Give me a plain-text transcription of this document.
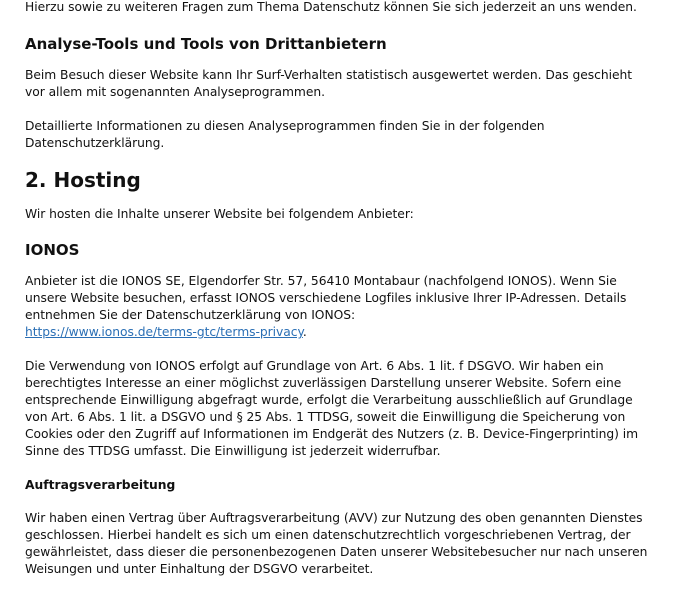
Hierzu sowie zu weiteren Fragen zum Thema Datenschutz können Sie sich jederzeit an uns wenden.

Analyse-Tools und Tools von Drittanbietern

Beim Besuch dieser Website kann Ihr Surf-Verhalten statistisch ausgewertet werden. Das geschieht vor allem mit sogenannten Analyseprogrammen.

Detaillierte Informationen zu diesen Analyseprogrammen finden Sie in der folgenden Datenschutzerklärung.

2. Hosting

Wir hosten die Inhalte unserer Website bei folgendem Anbieter:

IONOS

Anbieter ist die IONOS SE, Elgendorfer Str. 57, 56410 Montabaur (nachfolgend IONOS). Wenn Sie unsere Website besuchen, erfasst IONOS verschiedene Logfiles inklusive Ihrer IP-Adressen. Details entnehmen Sie der Datenschutzerklärung von IONOS:
https://www.ionos.de/terms-gtc/terms-privacy.

Die Verwendung von IONOS erfolgt auf Grundlage von Art. 6 Abs. 1 lit. f DSGVO. Wir haben ein berechtigtes Interesse an einer möglichst zuverlässigen Darstellung unserer Website. Sofern eine entsprechende Einwilligung abgefragt wurde, erfolgt die Verarbeitung ausschließlich auf Grundlage von Art. 6 Abs. 1 lit. a DSGVO und § 25 Abs. 1 TTDSG, soweit die Einwilligung die Speicherung von Cookies oder den Zugriff auf Informationen im Endgerät des Nutzers (z. B. Device-Fingerprinting) im Sinne des TTDSG umfasst. Die Einwilligung ist jederzeit widerrufbar.

Auftragsverarbeitung

Wir haben einen Vertrag über Auftragsverarbeitung (AVV) zur Nutzung des oben genannten Dienstes geschlossen. Hierbei handelt es sich um einen datenschutzrechtlich vorgeschriebenen Vertrag, der gewährleistet, dass dieser die personenbezogenen Daten unserer Websitebesucher nur nach unseren Weisungen und unter Einhaltung der DSGVO verarbeitet.
